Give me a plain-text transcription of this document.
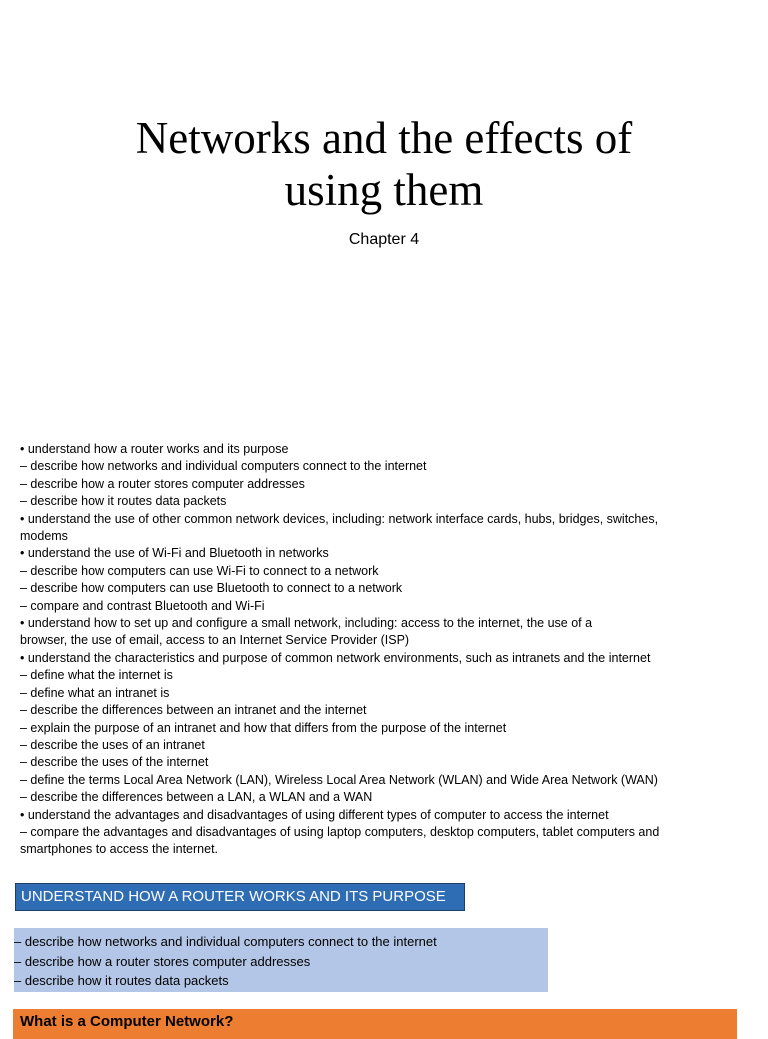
Networks and the effects of
using them
Chapter 4
• understand how a router works and its purpose
– describe how networks and individual computers connect to the internet
– describe how a router stores computer addresses
– describe how it routes data packets
• understand the use of other common network devices, including: network interface cards, hubs, bridges, switches,
modems
• understand the use of Wi-Fi and Bluetooth in networks
– describe how computers can use Wi-Fi to connect to a network
– describe how computers can use Bluetooth to connect to a network
– compare and contrast Bluetooth and Wi-Fi
• understand how to set up and configure a small network, including: access to the internet, the use of a
browser, the use of email, access to an Internet Service Provider (ISP)
• understand the characteristics and purpose of common network environments, such as intranets and the internet
– define what the internet is
– define what an intranet is
– describe the differences between an intranet and the internet
– explain the purpose of an intranet and how that differs from the purpose of the internet
– describe the uses of an intranet
– describe the uses of the internet
– define the terms Local Area Network (LAN), Wireless Local Area Network (WLAN) and Wide Area Network (WAN)
– describe the differences between a LAN, a WLAN and a WAN
• understand the advantages and disadvantages of using different types of computer to access the internet
– compare the advantages and disadvantages of using laptop computers, desktop computers, tablet computers and
smartphones to access the internet.
UNDERSTAND HOW A ROUTER WORKS AND ITS PURPOSE
– describe how networks and individual computers connect to the internet
– describe how a router stores computer addresses
– describe how it routes data packets
What is a Computer Network?
